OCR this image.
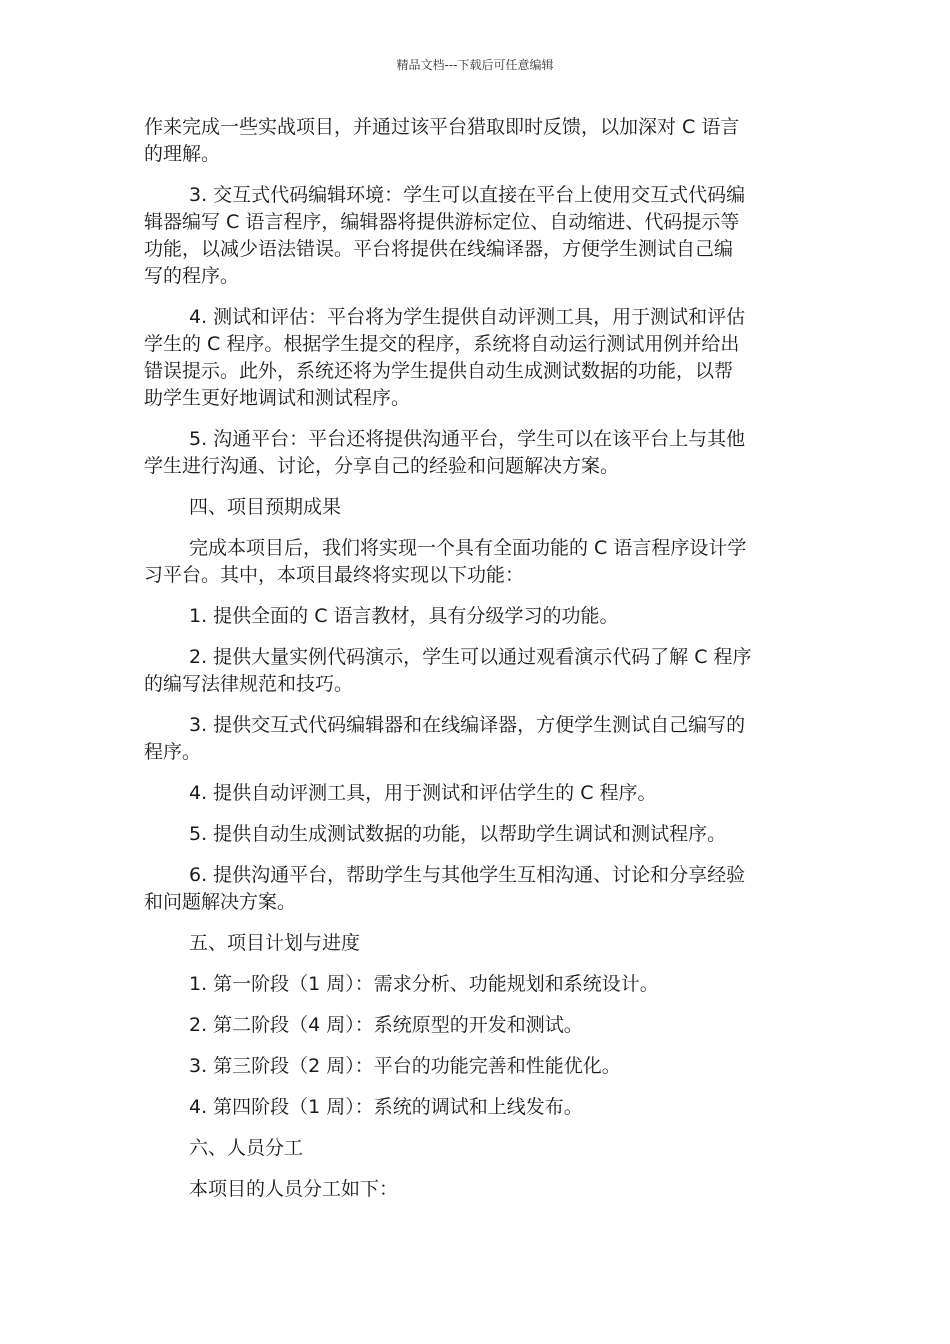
精品文档---下载后可任意编辑
作来完成一些实战项目，并通过该平台猎取即时反馈，以加深对 C 语言
的理解。
3. 交互式代码编辑环境：学生可以直接在平台上使用交互式代码编
辑器编写 C 语言程序，编辑器将提供游标定位、自动缩进、代码提示等
功能，以减少语法错误。平台将提供在线编译器，方便学生测试自己编
写的程序。
4. 测试和评估：平台将为学生提供自动评测工具，用于测试和评估
学生的 C 程序。根据学生提交的程序，系统将自动运行测试用例并给出
错误提示。此外，系统还将为学生提供自动生成测试数据的功能，以帮
助学生更好地调试和测试程序。
5. 沟通平台：平台还将提供沟通平台，学生可以在该平台上与其他
学生进行沟通、讨论，分享自己的经验和问题解决方案。
四、项目预期成果
完成本项目后，我们将实现一个具有全面功能的 C 语言程序设计学
习平台。其中，本项目最终将实现以下功能：
1. 提供全面的 C 语言教材，具有分级学习的功能。
2. 提供大量实例代码演示，学生可以通过观看演示代码了解 C 程序
的编写法律规范和技巧。
3. 提供交互式代码编辑器和在线编译器，方便学生测试自己编写的
程序。
4. 提供自动评测工具，用于测试和评估学生的 C 程序。
5. 提供自动生成测试数据的功能，以帮助学生调试和测试程序。
6. 提供沟通平台，帮助学生与其他学生互相沟通、讨论和分享经验
和问题解决方案。
五、项目计划与进度
1. 第一阶段（1 周）：需求分析、功能规划和系统设计。
2. 第二阶段（4 周）：系统原型的开发和测试。
3. 第三阶段（2 周）：平台的功能完善和性能优化。
4. 第四阶段（1 周）：系统的调试和上线发布。
六、人员分工
本项目的人员分工如下：
